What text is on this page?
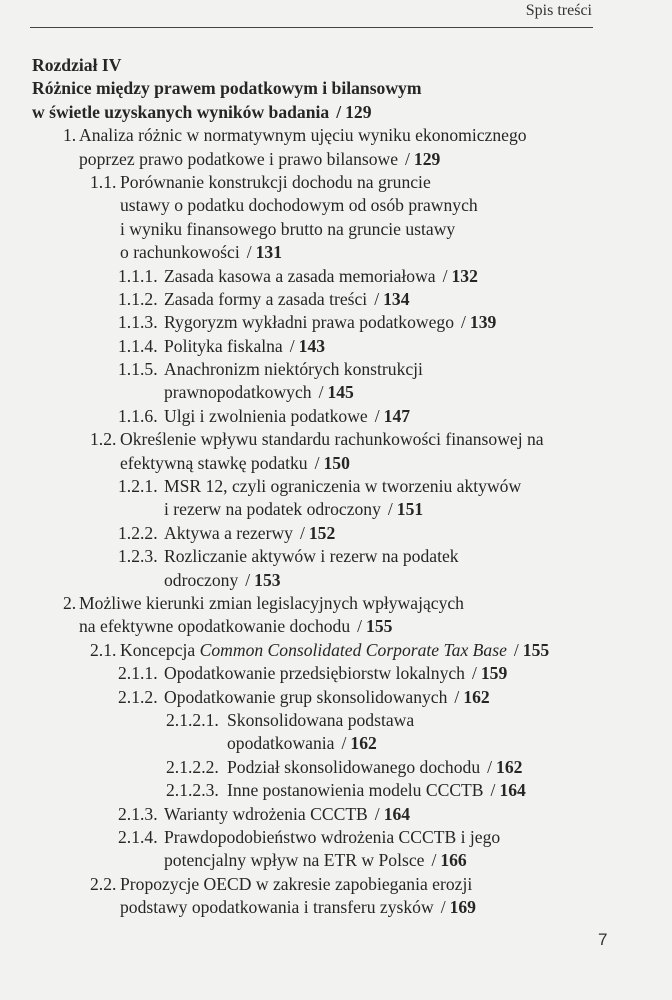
Spis treści
Rozdział IV
Różnice między prawem podatkowym i bilansowym
w świetle uzyskanych wyników badania / 129
1. Analiza różnic w normatywnym ujęciu wyniku ekonomicznego
poprzez prawo podatkowe i prawo bilansowe / 129
1.1. Porównanie konstrukcji dochodu na gruncie
ustawy o podatku dochodowym od osób prawnych
i wyniku finansowego brutto na gruncie ustawy
o rachunkowości / 131
1.1.1. Zasada kasowa a zasada memoriałowa / 132
1.1.2. Zasada formy a zasada treści / 134
1.1.3. Rygoryzm wykładni prawa podatkowego / 139
1.1.4. Polityka fiskalna / 143
1.1.5. Anachronizm niektórych konstrukcji
prawnopodatkowych / 145
1.1.6. Ulgi i zwolnienia podatkowe / 147
1.2. Określenie wpływu standardu rachunkowości finansowej na
efektywną stawkę podatku / 150
1.2.1. MSR 12, czyli ograniczenia w tworzeniu aktywów
i rezerw na podatek odroczony / 151
1.2.2. Aktywa a rezerwy / 152
1.2.3. Rozliczanie aktywów i rezerw na podatek
odroczony / 153
2. Możliwe kierunki zmian legislacyjnych wpływających
na efektywne opodatkowanie dochodu / 155
2.1. Koncepcja Common Consolidated Corporate Tax Base / 155
2.1.1. Opodatkowanie przedsiębiorstw lokalnych / 159
2.1.2. Opodatkowanie grup skonsolidowanych / 162
2.1.2.1. Skonsolidowana podstawa
opodatkowania / 162
2.1.2.2. Podział skonsolidowanego dochodu / 162
2.1.2.3. Inne postanowienia modelu CCCTB / 164
2.1.3. Warianty wdrożenia CCCTB / 164
2.1.4. Prawdopodobieństwo wdrożenia CCCTB i jego
potencjalny wpływ na ETR w Polsce / 166
2.2. Propozycje OECD w zakresie zapobiegania erozji
podstawy opodatkowania i transferu zysków / 169
7
